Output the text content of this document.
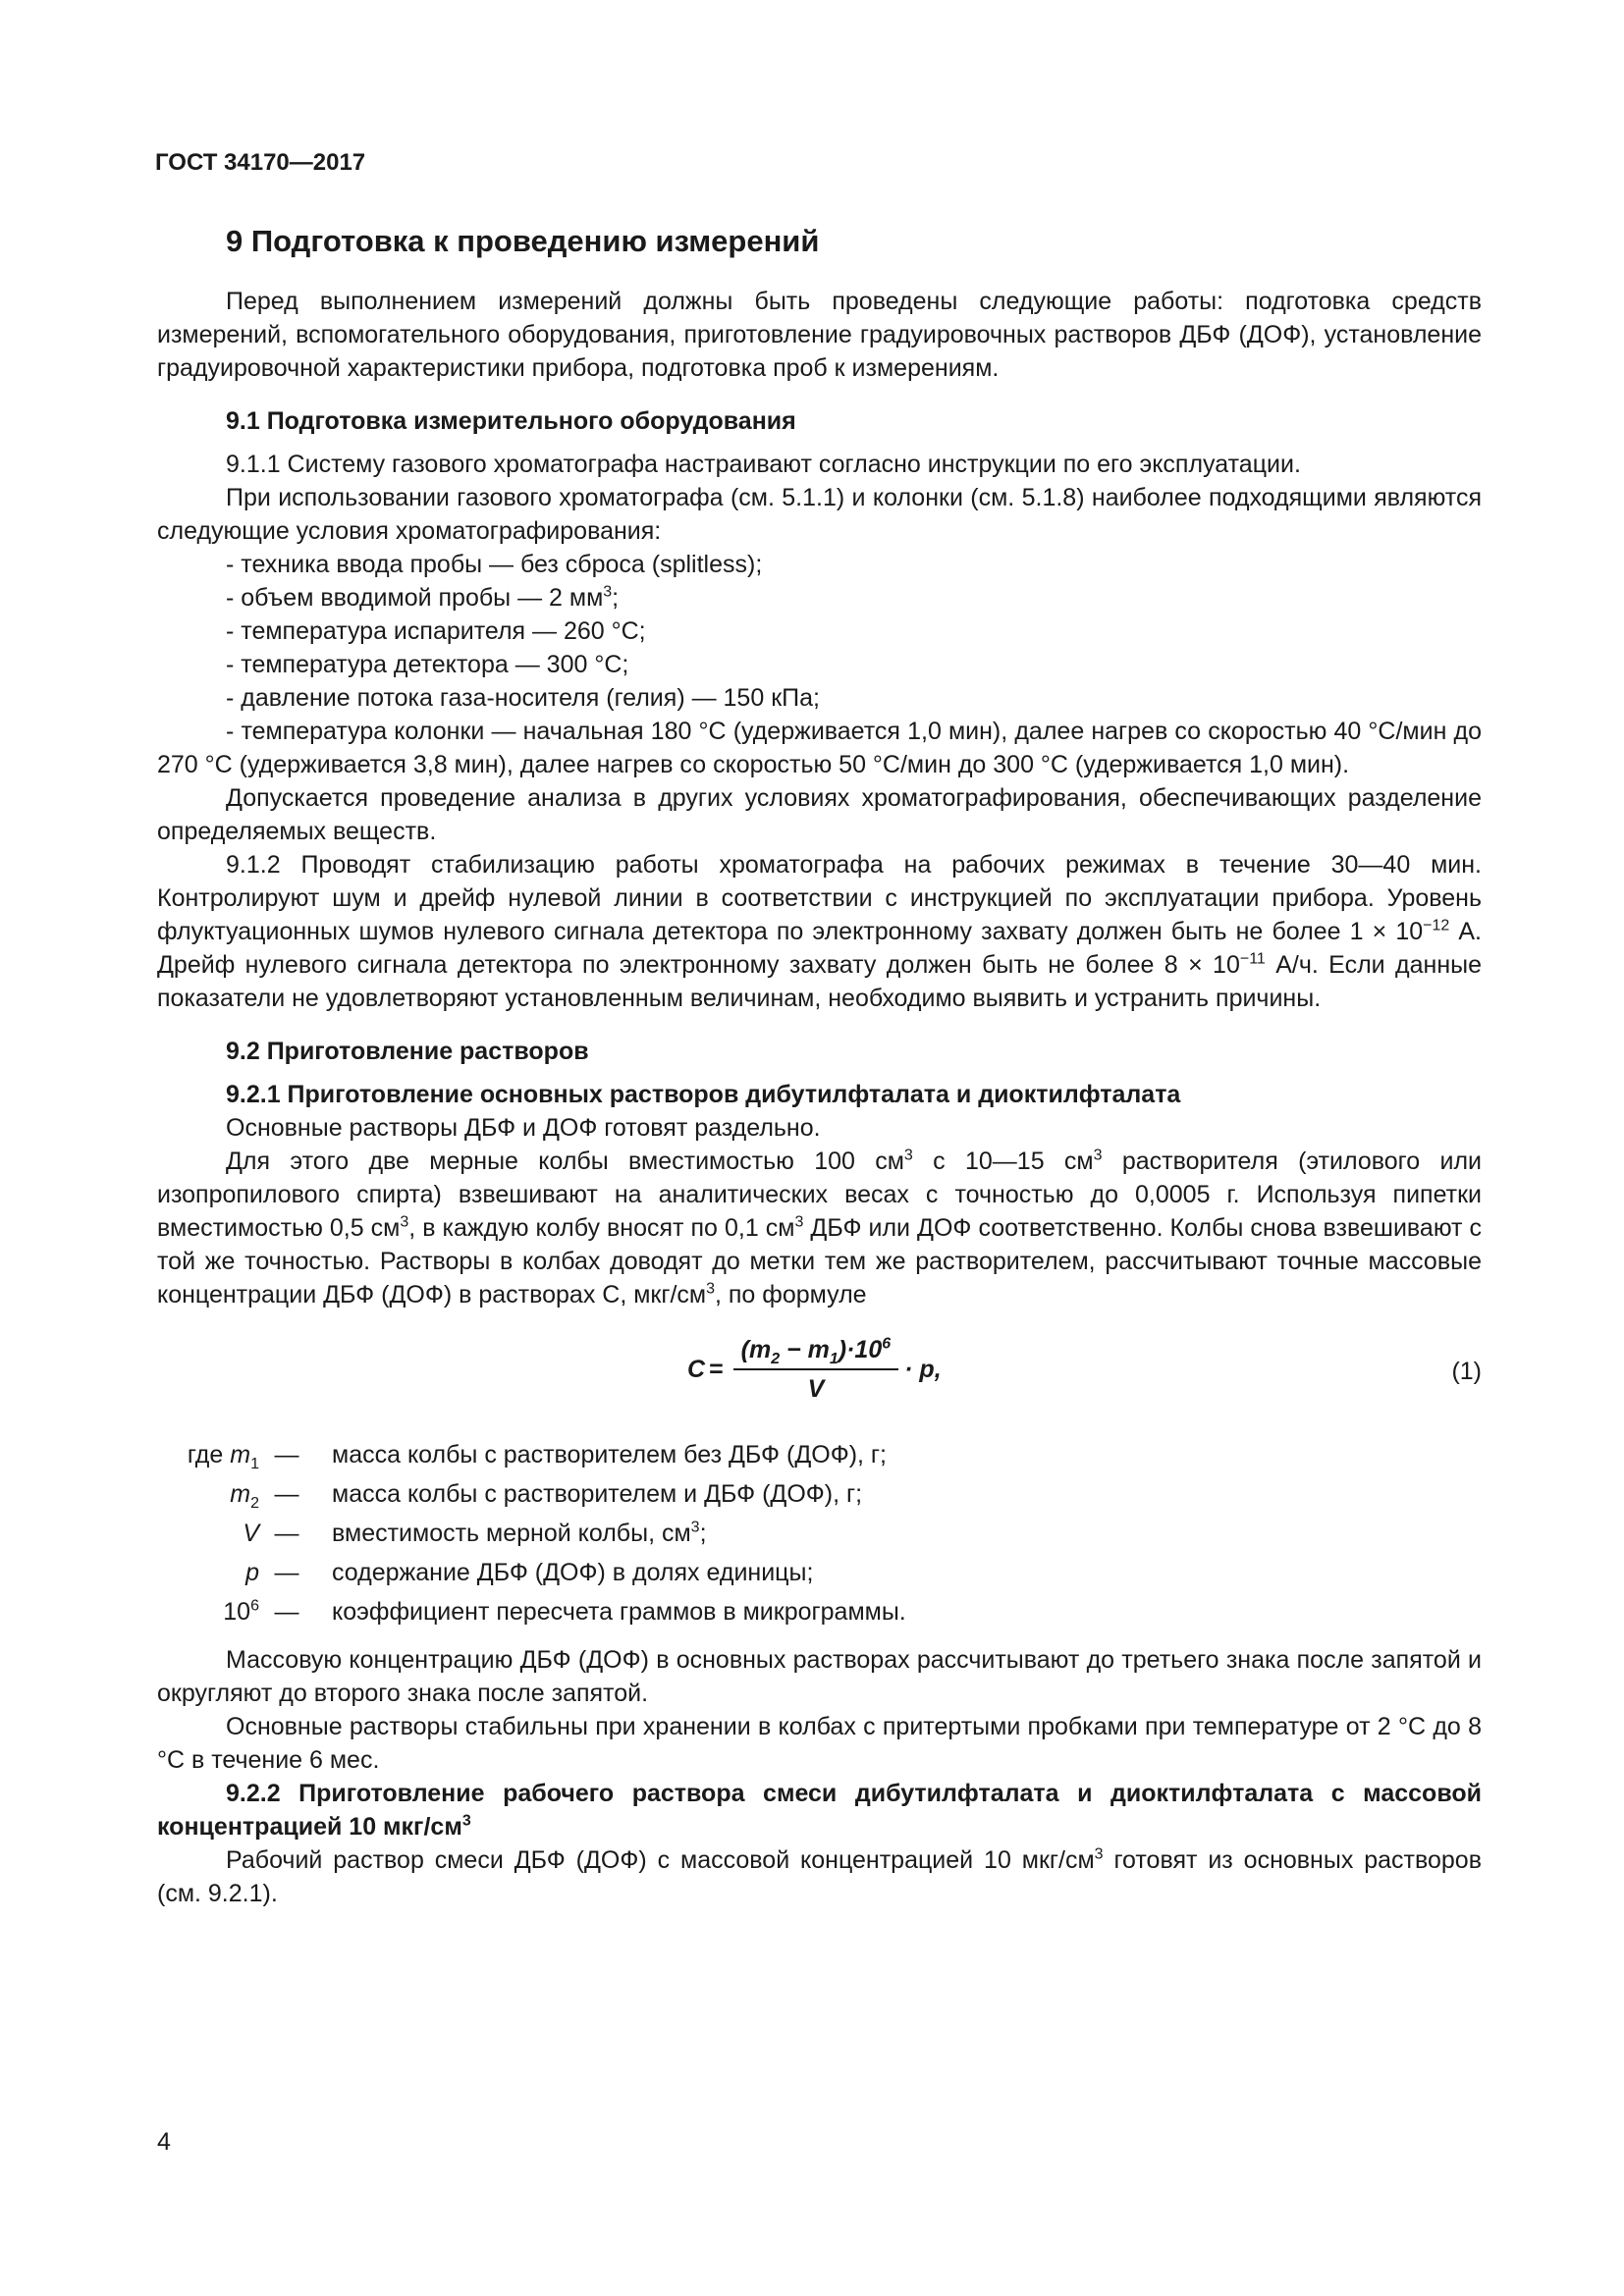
ГОСТ 34170—2017

9 Подготовка к проведению измерений

Перед выполнением измерений должны быть проведены следующие работы: подготовка средств измерений, вспомогательного оборудования, приготовление градуировочных растворов ДБФ (ДОФ), установление градуировочной характеристики прибора, подготовка проб к измерениям.

9.1 Подготовка измерительного оборудования

9.1.1 Систему газового хроматографа настраивают согласно инструкции по его эксплуатации.

При использовании газового хроматографа (см. 5.1.1) и колонки (см. 5.1.8) наиболее подходящими являются следующие условия хроматографирования:

- техника ввода пробы — без сброса (splitless);

- объем вводимой пробы — 2 $мм^3$;

- температура испарителя — 260 °С;

- температура детектора — 300 °С;

- давление потока газа-носителя (гелия) — 150 кПа;

- температура колонки — начальная 180 °С (удерживается 1,0 мин), далее нагрев со скоростью 40 °С/мин до 270 °С (удерживается 3,8 мин), далее нагрев со скоростью 50 °С/мин до 300 °С (удерживается 1,0 мин).

Допускается проведение анализа в других условиях хроматографирования, обеспечивающих разделение определяемых веществ.

9.1.2 Проводят стабилизацию работы хроматографа на рабочих режимах в течение 30—40 мин. Контролируют шум и дрейф нулевой линии в соответствии с инструкцией по эксплуатации прибора. Уровень флуктуационных шумов нулевого сигнала детектора по электронному захвату должен быть не более $1 \times 10^{-12}$ А. Дрейф нулевого сигнала детектора по электронному захвату должен быть не более $8 \times 10^{-11}$ А/ч. Если данные показатели не удовлетворяют установленным величинам, необходимо выявить и устранить причины.

9.2 Приготовление растворов

9.2.1 Приготовление основных растворов дибутилфталата и диоктилфталата

Основные растворы ДБФ и ДОФ готовят раздельно.

Для этого две мерные колбы вместимостью 100 $см^3$ с 10—15 $см^3$ растворителя (этилового или изопропилового спирта) взвешивают на аналитических весах с точностью до 0,0005 г. Используя пипетки вместимостью 0,5 $см^3$, в каждую колбу вносят по 0,1 $см^3$ ДБФ или ДОФ соответственно. Колбы снова взвешивают с той же точностью. Растворы в колбах доводят до метки тем же растворителем, рассчитывают точные массовые концентрации ДБФ (ДОФ) в растворах С, мкг/$см^3$, по формуле

$C = \frac{(m_2 - m_1)\cdot 10^6}{V} \cdot p$,	(1)
где $m_1$ —	масса колбы с растворителем без ДБФ (ДОФ), г;
$m_2$ —	масса колбы с растворителем и ДБФ (ДОФ), г;
V —	вместимость мерной колбы, $см^3$;
p —	содержание ДБФ (ДОФ) в долях единицы;
$10^6$ —	коэффициент пересчета граммов в микрограммы.

Массовую концентрацию ДБФ (ДОФ) в основных растворах рассчитывают до третьего знака после запятой и округляют до второго знака после запятой.

Основные растворы стабильны при хранении в колбах с притертыми пробками при температуре от 2 °С до 8 °С в течение 6 мес.

9.2.2 Приготовление рабочего раствора смеси дибутилфталата и диоктилфталата с массовой концентрацией 10 мкг/$см^3$

Рабочий раствор смеси ДБФ (ДОФ) с массовой концентрацией 10 мкг/$см^3$ готовят из основных растворов (см. 9.2.1).

4
